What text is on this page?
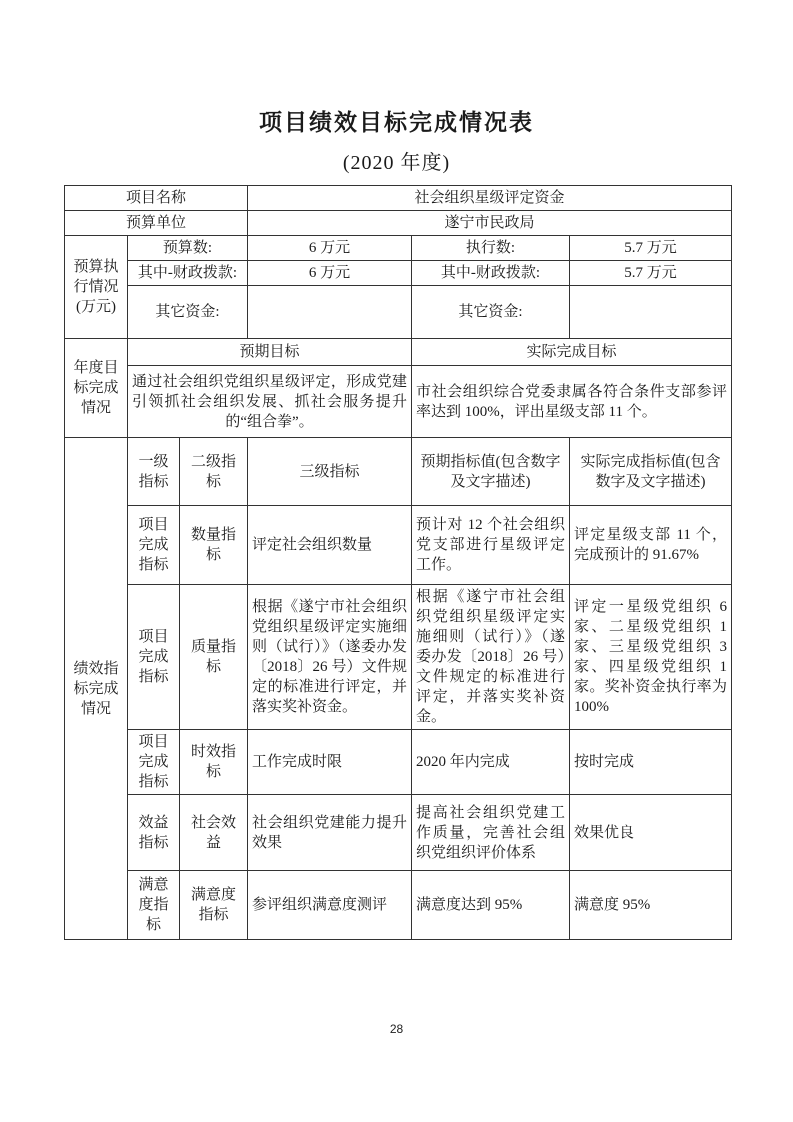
项目绩效目标完成情况表
(2020 年度)
项目名称			社会组织星级评定资金		
预算单位			遂宁市民政局		
预算执行情况(万元)	预算数:		6 万元	执行数:	5.7 万元
	其中-财政拨款:		6 万元	其中-财政拨款:	5.7 万元
	其它资金:			其它资金:	
年度目标完成情况	预期目标			实际完成目标	
	通过社会组织党组织星级评定，形成党建引领抓社会组织发展、抓社会服务提升的“组合拳”。			市社会组织综合党委隶属各符合条件支部参评率达到 100%，评出星级支部 11 个。	
绩效指标完成情况	一级指标	二级指标	三级指标	预期指标值(包含数字及文字描述)	实际完成指标值(包含数字及文字描述)
	项目完成指标	数量指标	评定社会组织数量	预计对 12 个社会组织党支部进行星级评定工作。	评定星级支部 11 个，完成预计的 91.67%
	项目完成指标	质量指标	根据《遂宁市社会组织党组织星级评定实施细则（试行）》（遂委办发〔2018〕26 号）文件规定的标准进行评定，并落实奖补资金。	根据《遂宁市社会组织党组织星级评定实施细则（试行）》（遂委办发〔2018〕26 号）文件规定的标准进行评定，并落实奖补资金。	评定一星级党组织 6 家、二星级党组织 1 家、三星级党组织 3 家、四星级党组织 1 家。奖补资金执行率为 100%
	项目完成指标	时效指标	工作完成时限	2020 年内完成	按时完成
	效益指标	社会效益	社会组织党建能力提升效果	提高社会组织党建工作质量，完善社会组织党组织评价体系	效果优良
	满意度指标	满意度指标	参评组织满意度测评	满意度达到 95%	满意度 95%
28
